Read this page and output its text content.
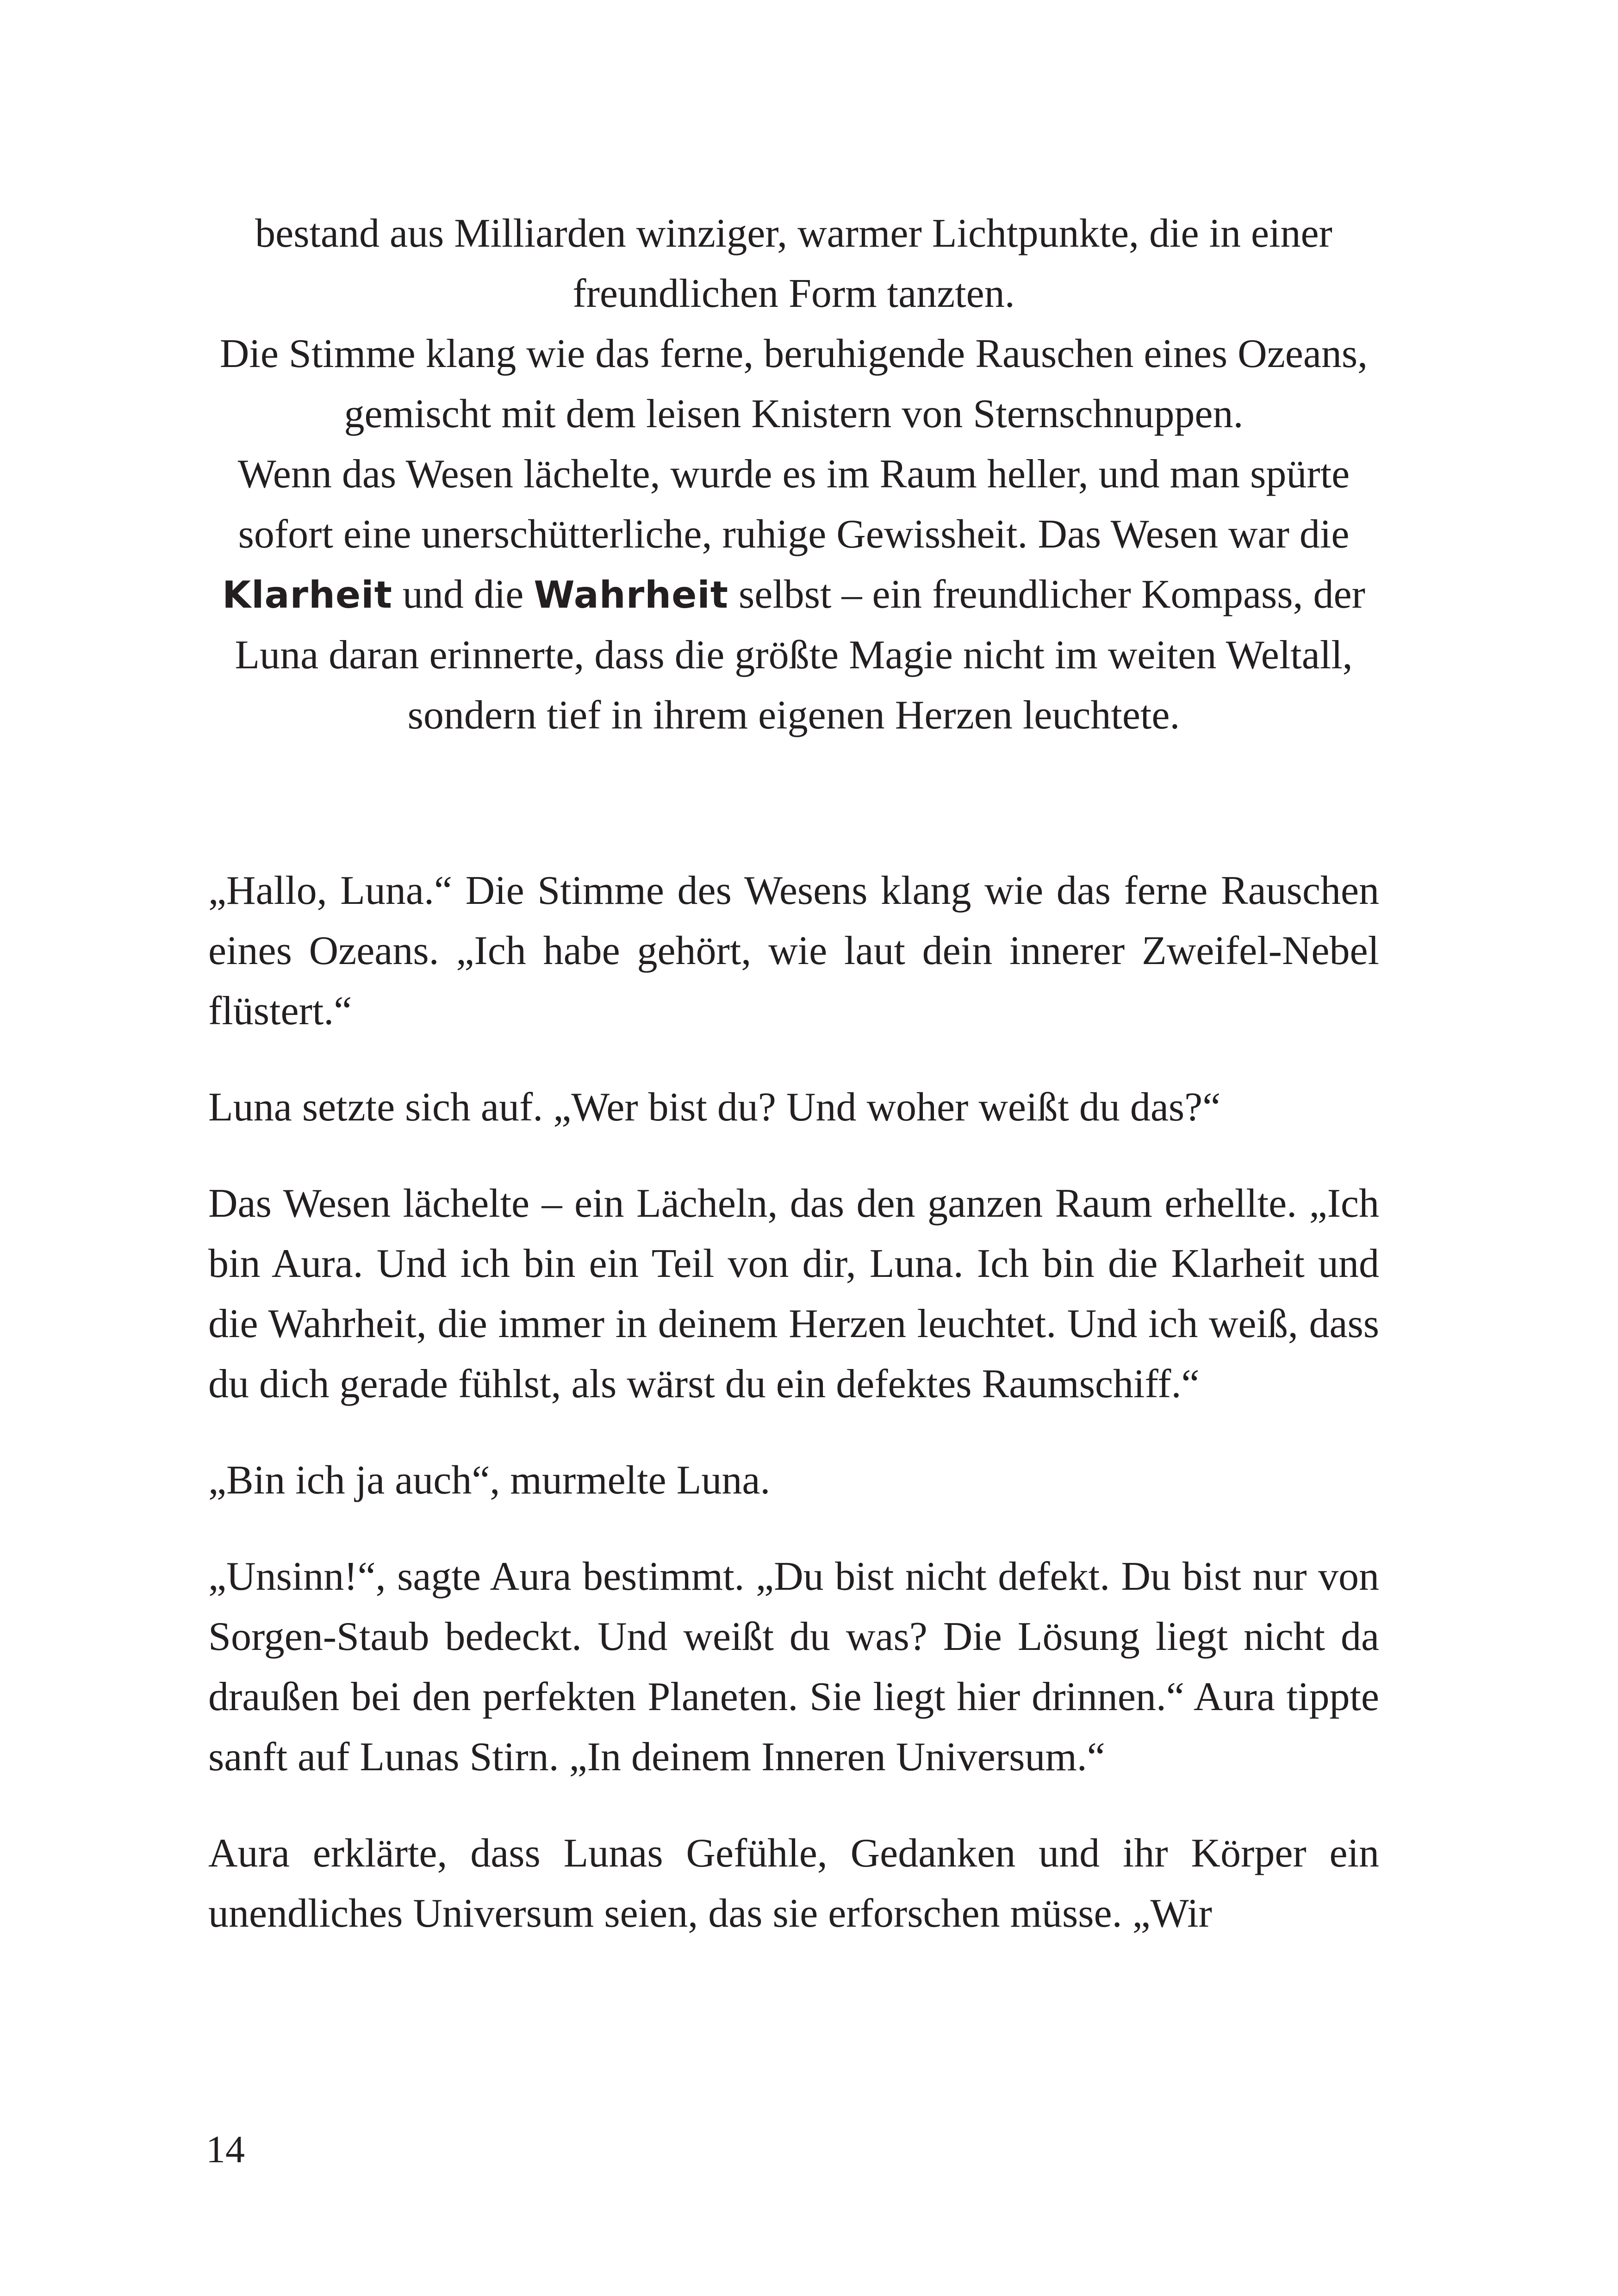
bestand aus Milliarden winziger, warmer Lichtpunkte, die in einer freundlichen Form tanzten.

Die Stimme klang wie das ferne, beruhigende Rauschen eines Ozeans, gemischt mit dem leisen Knistern von Sternschnuppen.

Wenn das Wesen lächelte, wurde es im Raum heller, und man spürte sofort eine unerschütterliche, ruhige Gewissheit. Das Wesen war die Klarheit und die Wahrheit selbst – ein freundlicher Kompass, der Luna daran erinnerte, dass die größte Magie nicht im weiten Weltall, sondern tief in ihrem eigenen Herzen leuchtete.

„Hallo, Luna.“ Die Stimme des Wesens klang wie das ferne Rauschen eines Ozeans. „Ich habe gehört, wie laut dein innerer Zweifel-Nebel flüstert.“

Luna setzte sich auf. „Wer bist du? Und woher weißt du das?“

Das Wesen lächelte – ein Lächeln, das den ganzen Raum erhellte. „Ich bin Aura. Und ich bin ein Teil von dir, Luna. Ich bin die Klarheit und die Wahrheit, die immer in deinem Herzen leuchtet. Und ich weiß, dass du dich gerade fühlst, als wärst du ein defektes Raumschiff.“

„Bin ich ja auch“, murmelte Luna.

„Unsinn!“, sagte Aura bestimmt. „Du bist nicht defekt. Du bist nur von Sorgen-Staub bedeckt. Und weißt du was? Die Lösung liegt nicht da draußen bei den perfekten Planeten. Sie liegt hier drinnen.“ Aura tippte sanft auf Lunas Stirn. „In deinem Inneren Universum.“

Aura erklärte, dass Lunas Gefühle, Gedanken und ihr Körper ein unendliches Universum seien, das sie erforschen müsse. „Wir

14
